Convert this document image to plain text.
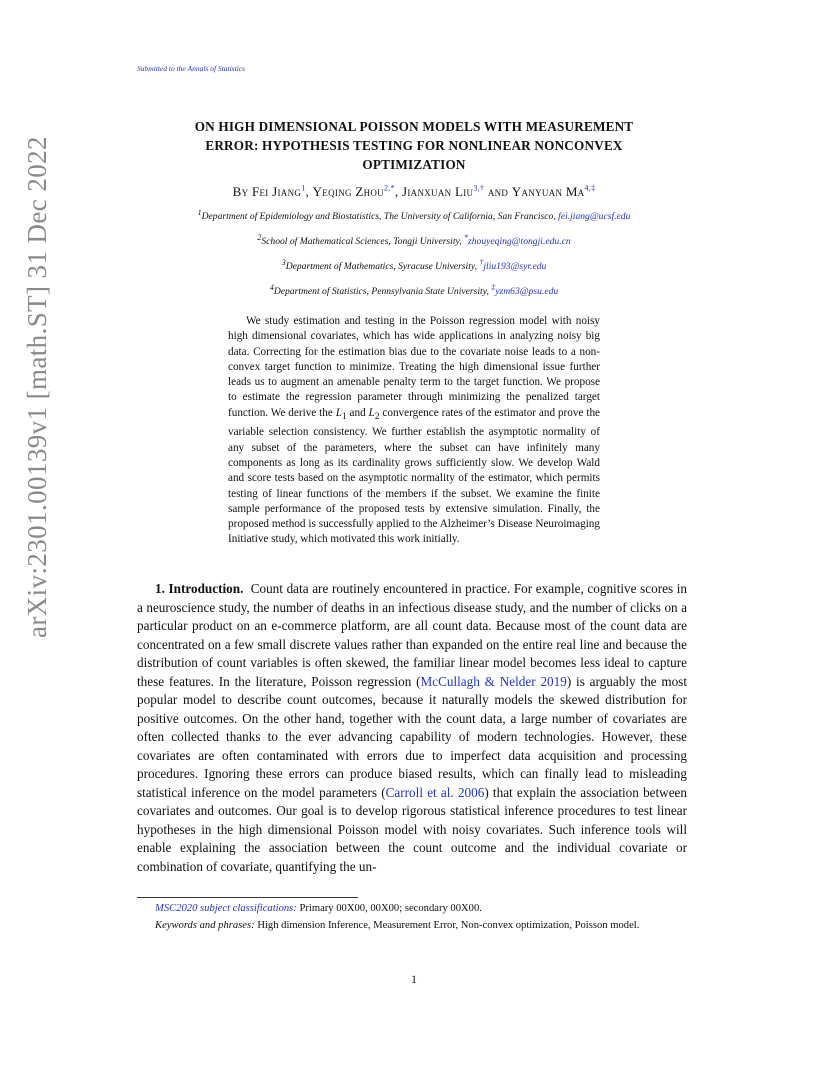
arXiv:2301.00139v1 [math.ST] 31 Dec 2022
Submitted to the Annals of Statistics
ON HIGH DIMENSIONAL POISSON MODELS WITH MEASUREMENT
ERROR: HYPOTHESIS TESTING FOR NONLINEAR NONCONVEX
OPTIMIZATION
By Fei Jiang$^1$, Yeqing Zhou$^{2,*}$, Jianxuan Liu$^{3,\dagger}$ and Yanyuan $Ma^{4,\ddagger}$
$^1$Department of Epidemiology and Biostatistics, The University of California, San Francisco, fei.jiang@ucsf.edu
$^2$School of Mathematical Sciences, Tongji University, *zhouyeqing@tongji.edu.cn
$^3$Department of Mathematics, Syracuse University, †jliu193@syr.edu
$^4$Department of Statistics, Pennsylvania State University, ‡yzm63@psu.edu
We study estimation and testing in the Poisson regression model with noisy high dimensional covariates, which has wide applications in analyzing noisy big data. Correcting for the estimation bias due to the covariate noise leads to a non-convex target function to minimize. Treating the high dimensional issue further leads us to augment an amenable penalty term to the target function. We propose to estimate the regression parameter through minimizing the penalized target function. We derive the $L_1$ and $L_2$ convergence rates of the estimator and prove the variable selection consistency. We further establish the asymptotic normality of any subset of the parameters, where the subset can have infinitely many components as long as its cardinality grows sufficiently slow. We develop Wald and score tests based on the asymptotic normality of the estimator, which permits testing of linear functions of the members if the subset. We examine the finite sample performance of the proposed tests by extensive simulation. Finally, the proposed method is successfully applied to the Alzheimer’s Disease Neuroimaging Initiative study, which motivated this work initially.
1. Introduction. Count data are routinely encountered in practice. For example, cognitive scores in a neuroscience study, the number of deaths in an infectious disease study, and the number of clicks on a particular product on an e-commerce platform, are all count data. Because most of the count data are concentrated on a few small discrete values rather than expanded on the entire real line and because the distribution of count variables is often skewed, the familiar linear model becomes less ideal to capture these features. In the literature, Poisson regression (McCullagh & Nelder 2019) is arguably the most popular model to describe count outcomes, because it naturally models the skewed distribution for positive outcomes. On the other hand, together with the count data, a large number of covariates are often collected thanks to the ever advancing capability of modern technologies. However, these covariates are often contaminated with errors due to imperfect data acquisition and processing procedures. Ignoring these errors can produce biased results, which can finally lead to misleading statistical inference on the model parameters (Carroll et al. 2006) that explain the association between covariates and outcomes. Our goal is to develop rigorous statistical inference procedures to test linear hypotheses in the high dimensional Poisson model with noisy covariates. Such inference tools will enable explaining the association between the count outcome and the individual covariate or combination of covariate, quantifying the un-
MSC2020 subject classifications: Primary 00X00, 00X00; secondary 00X00.
Keywords and phrases: High dimension Inference, Measurement Error, Non-convex optimization, Poisson model.
1
